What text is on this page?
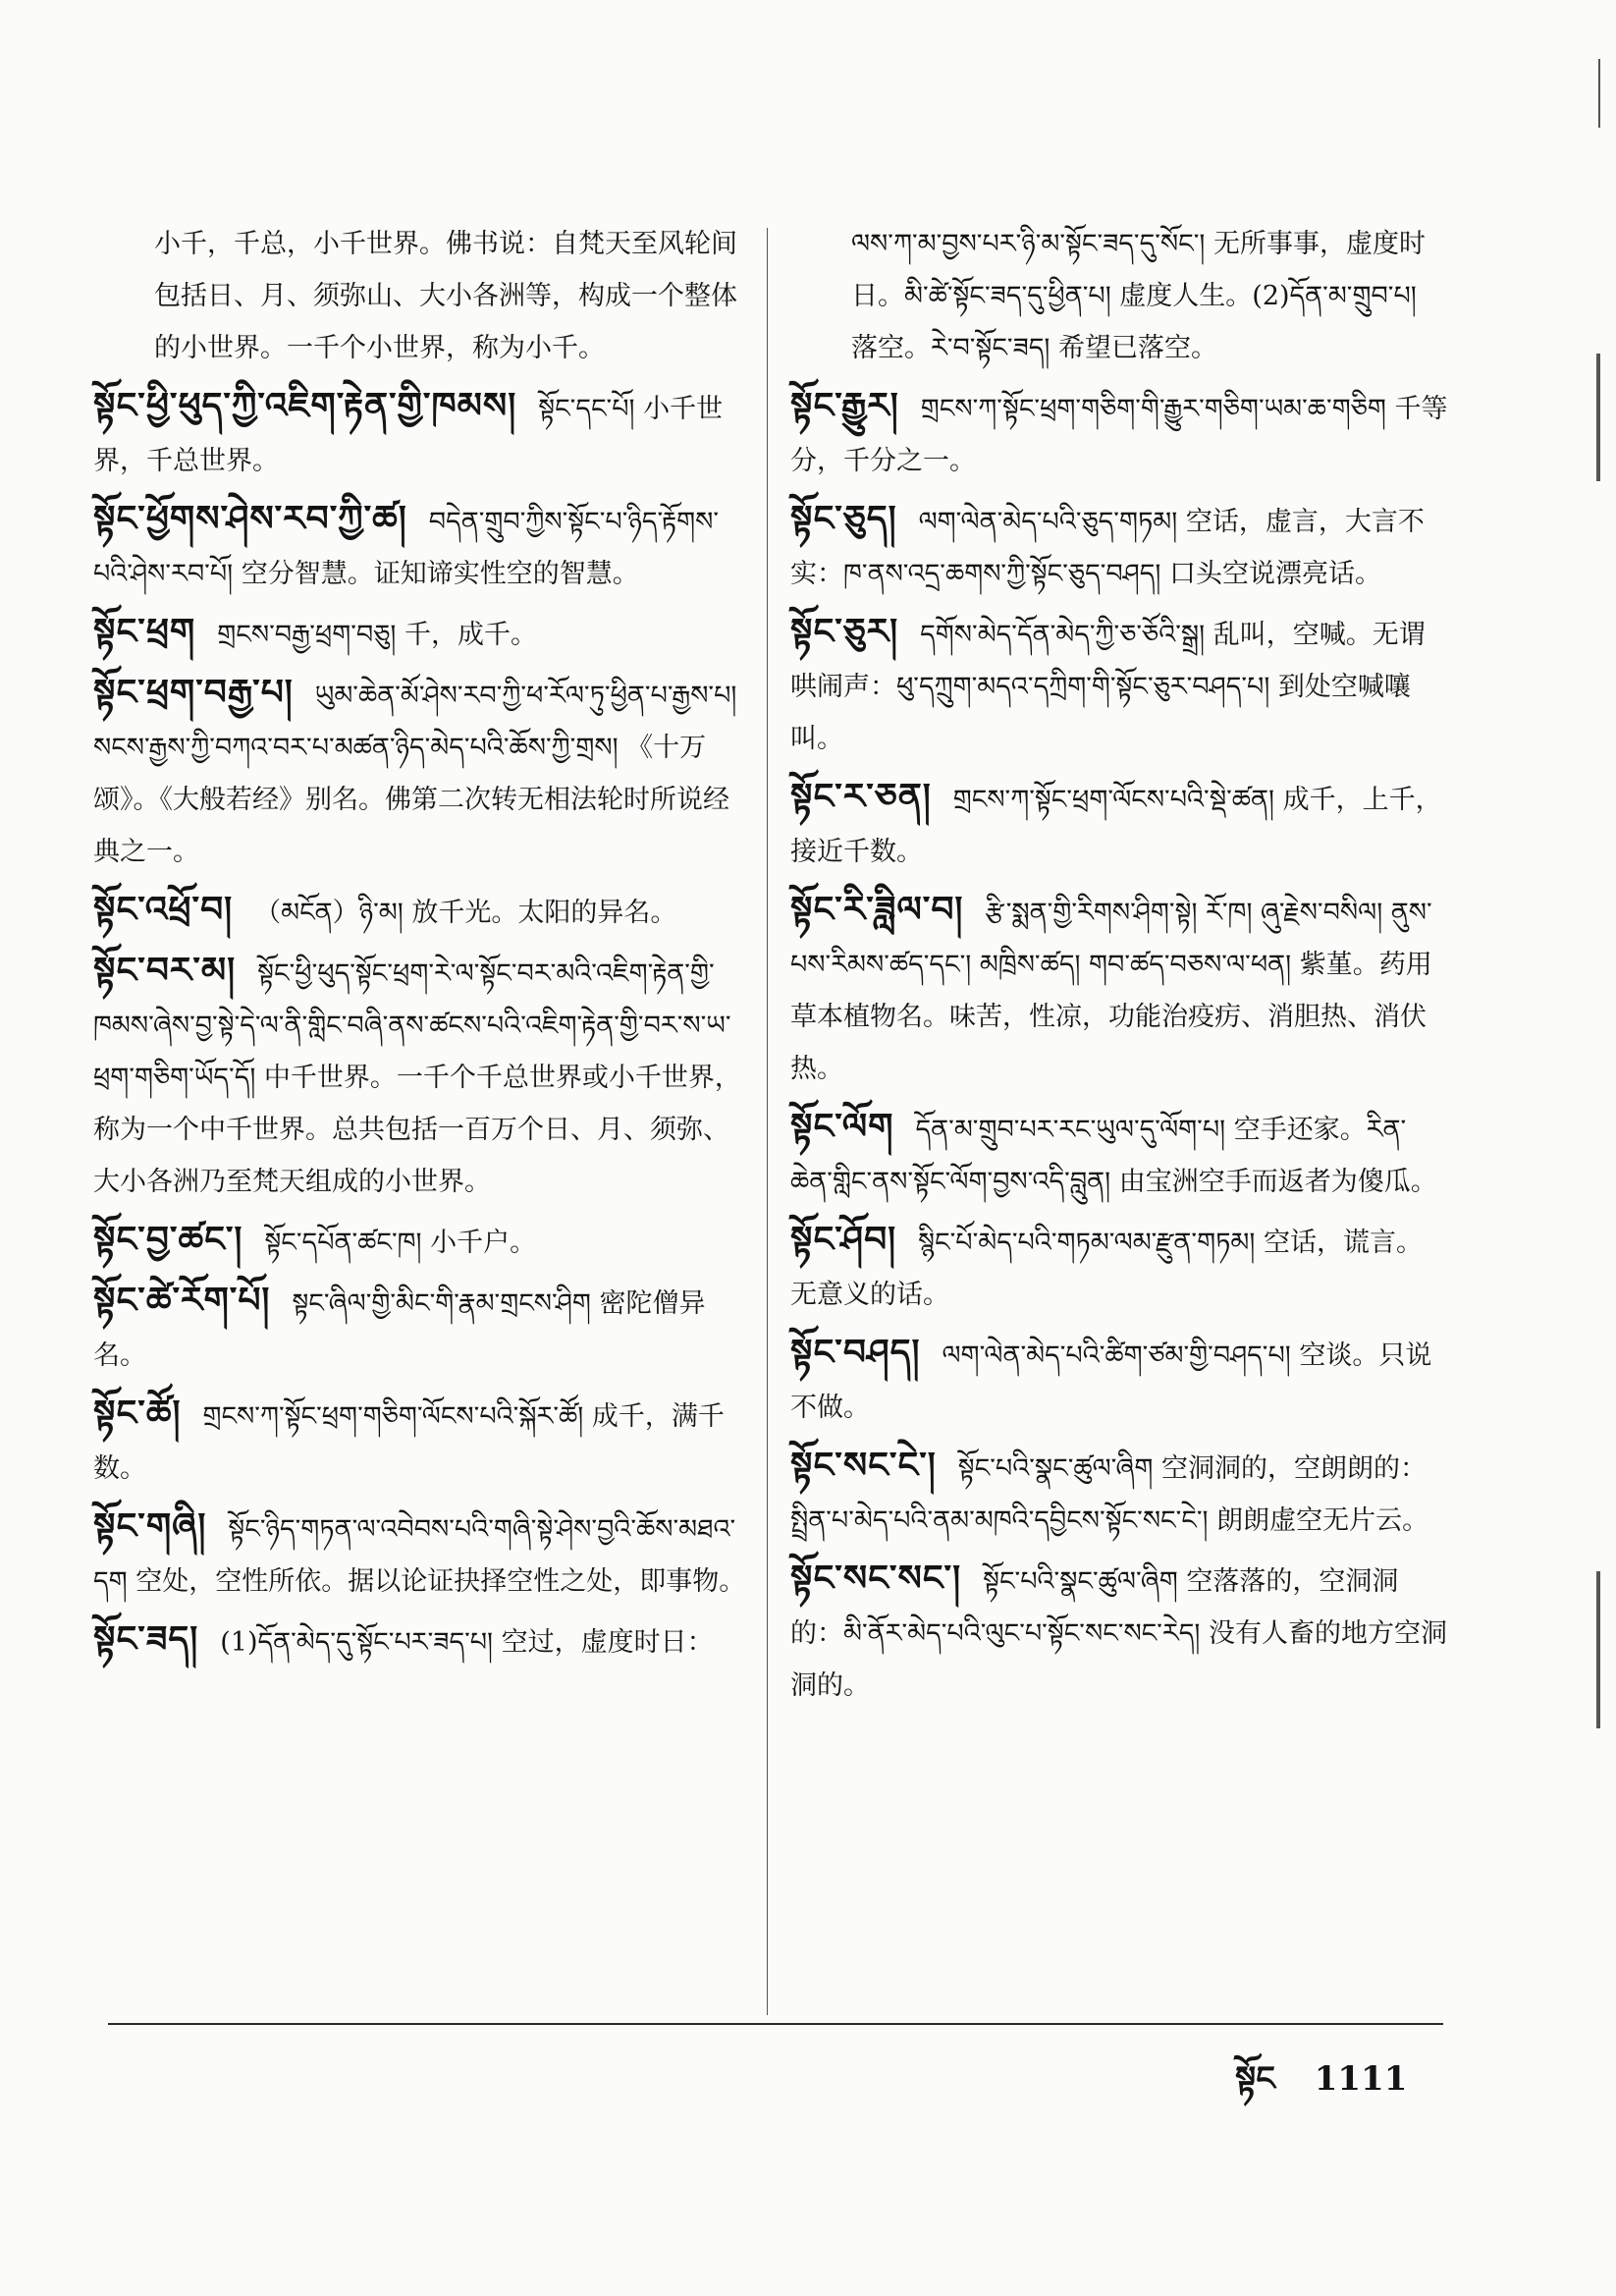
小千，千总，小千世界。佛书说：自梵天至风轮间包括日、月、须弥山、大小各洲等，构成一个整体的小世界。一千个小世界，称为小千。
སྟོང་ཕྱི་ཕུད་ཀྱི་འཇིག་རྟེན་གྱི་ཁམས། སྟོང་དང་པོ། 小千世界，千总世界。
སྟོང་ཕྱོགས་ཤེས་རབ་ཀྱི་ཚ། བདེན་གྲུབ་ཀྱིས་སྟོང་པ་ཉིད་རྟོགས་པའི་ཤེས་རབ་པོ། 空分智慧。证知谛实性空的智慧。
སྟོང་ཕྲག གྲངས་བརྒྱ་ཕྲག་བཅུ། 千，成千。
སྟོང་ཕྲག་བརྒྱ་པ། ཡུམ་ཆེན་མོ་ཤེས་རབ་ཀྱི་ཕ་རོལ་ཏུ་ཕྱིན་པ་རྒྱས་པ། སངས་རྒྱས་ཀྱི་བཀའ་བར་པ་མཚན་ཉིད་མེད་པའི་ཆོས་ཀྱི་གྲས། 《十万颂》。《大般若经》别名。佛第二次转无相法轮时所说经典之一。
སྟོང་འཕྲོ་བ། （མངོན）ཉི་མ། 放千光。太阳的异名。
སྟོང་བར་མ། སྟོང་ཕྱི་ཕུད་སྟོང་ཕྲག་རེ་ལ་སྟོང་བར་མའི་འཇིག་རྟེན་གྱི་ཁམས་ཞེས་བྱ་སྟེ་དེ་ལ་ནི་གླིང་བཞི་ནས་ཚངས་པའི་འཇིག་རྟེན་གྱི་བར་ས་ཡ་ཕྲག་གཅིག་ཡོད་དོ། 中千世界。一千个千总世界或小千世界，称为一个中千世界。总共包括一百万个日、月、须弥、大小各洲乃至梵天组成的小世界。
སྟོང་བྱ་ཚང་། སྟོང་དཔོན་ཚང་ཁ། 小千户。
སྟོང་ཚེ་རོག་པོ། སྟང་ཞིལ་གྱི་མིང་གི་རྣམ་གྲངས་ཤིག 密陀僧异名。
སྟོང་ཚོ། གྲངས་ཀ་སྟོང་ཕྲག་གཅིག་ལོངས་པའི་སྐོར་ཚོ། 成千，满千数。
སྟོང་གཞི། སྟོང་ཉིད་གཏན་ལ་འབེབས་པའི་གཞི་སྟེ་ཤེས་བྱའི་ཆོས་མཐའ་དག 空处，空性所依。据以论证抉择空性之处，即事物。
སྟོང་ཟད། (1)དོན་མེད་དུ་སྟོང་པར་ཟད་པ། 空过，虚度时日：
ལས་ཀ་མ་བྱས་པར་ཉི་མ་སྟོང་ཟད་དུ་སོང་། 无所事事，虚度时日。མི་ཚེ་སྟོང་ཟད་དུ་ཕྱིན་པ། 虚度人生。(2)དོན་མ་གྲུབ་པ། 落空。རེ་བ་སྟོང་ཟད། 希望已落空。
སྟོང་རྒྱུར། གྲངས་ཀ་སྟོང་ཕྲག་གཅིག་གི་རྒྱུར་གཅིག་ཡམ་ཆ་གཅིག 千等分，千分之一。
སྟོང་ཅུད། ལག་ལེན་མེད་པའི་ཅུད་གཏམ། 空话，虚言，大言不实：ཁ་ནས་འདྲ་ཆགས་ཀྱི་སྟོང་ཅུད་བཤད། 口头空说漂亮话。
སྟོང་ཅུར། དགོས་མེད་དོན་མེད་ཀྱི་ཅ་ཅོའི་སྒྲ། 乱叫，空喊。无谓哄闹声：ཕུ་དཀྲུག་མདའ་དཀྲིག་གི་སྟོང་ཅུར་བཤད་པ། 到处空喊嚷叫。
སྟོང་ར་ཅན། གྲངས་ཀ་སྟོང་ཕྲག་ལོངས་པའི་སྡེ་ཚན། 成千，上千，接近千数。
སྟོང་རི་ཟླིལ་བ། རྩི་སྨན་གྱི་རིགས་ཤིག་སྟེ། རོ་ཁ། ཞུ་རྗེས་བསིལ། ནུས་པས་རིམས་ཚད་དང་། མཁྲིས་ཚད། གབ་ཚད་བཅས་ལ་ཕན། 紫堇。药用草本植物名。味苦，性凉，功能治疫疠、消胆热、消伏热。
སྟོང་ལོག དོན་མ་གྲུབ་པར་རང་ཡུལ་དུ་ལོག་པ། 空手还家。རིན་ཆེན་གླིང་ནས་སྟོང་ལོག་བྱས་འདི་བླུན། 由宝洲空手而返者为傻瓜。
སྟོང་ཤོབ། སྙིང་པོ་མེད་པའི་གཏམ་ལམ་རྫུན་གཏམ། 空话，谎言。无意义的话。
སྟོང་བཤད། ལག་ལེན་མེད་པའི་ཚིག་ཙམ་གྱི་བཤད་པ། 空谈。只说不做。
སྟོང་སང་ངེ་། སྟོང་པའི་སྣང་ཚུལ་ཞིག 空洞洞的，空朗朗的：སྤྲིན་པ་མེད་པའི་ནམ་མཁའི་དབྱིངས་སྟོང་སང་ངེ་། 朗朗虚空无片云。
སྟོང་སང་སང་། སྟོང་པའི་སྣང་ཚུལ་ཞིག 空落落的，空洞洞的：མི་ནོར་མེད་པའི་ལུང་པ་སྟོང་སང་སང་རེད། 没有人畜的地方空洞洞的。
སྟོང 1111
